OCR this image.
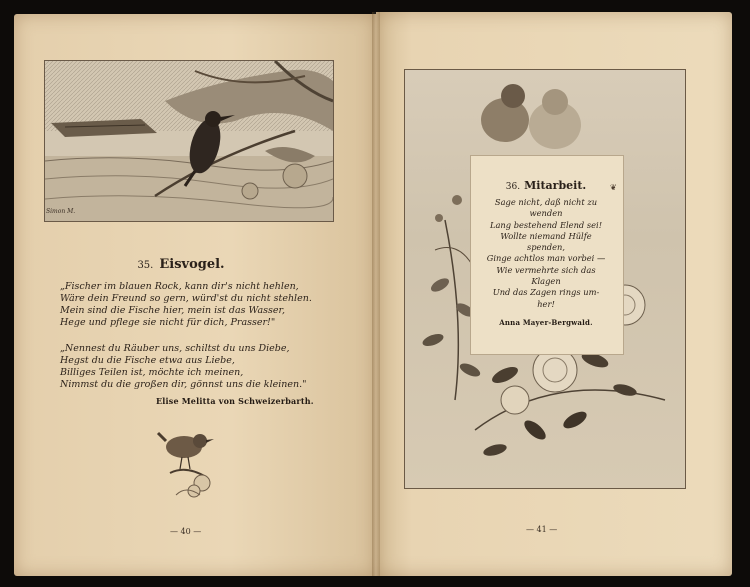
Simon M.
35. Eisvogel.
„Fischer im blauen Rock, kann dir's nicht hehlen,
Wäre dein Freund so gern, würd'st du nicht stehlen.
Mein sind die Fische hier, mein ist das Wasser,
Hege und pflege sie nicht für dich, Prasser!"
„Nennest du Räuber uns, schiltst du uns Diebe,
Hegst du die Fische etwa aus Liebe,
Billiges Teilen ist, möchte ich meinen,
Nimmst du die großen dir, gönnst uns die kleinen."
Elise Melitta von Schweizerbarth.
— 40 —
36. Mitarbeit.	❦
Sage nicht, daß nicht zu
wenden
Lang bestehend Elend sei!
Wollte niemand Hülfe
spenden,
Ginge achtlos man vorbei —
Wie vermehrte sich das
Klagen
Und das Zagen rings um-
her!
Anna Mayer-Bergwald.
— 41 —
